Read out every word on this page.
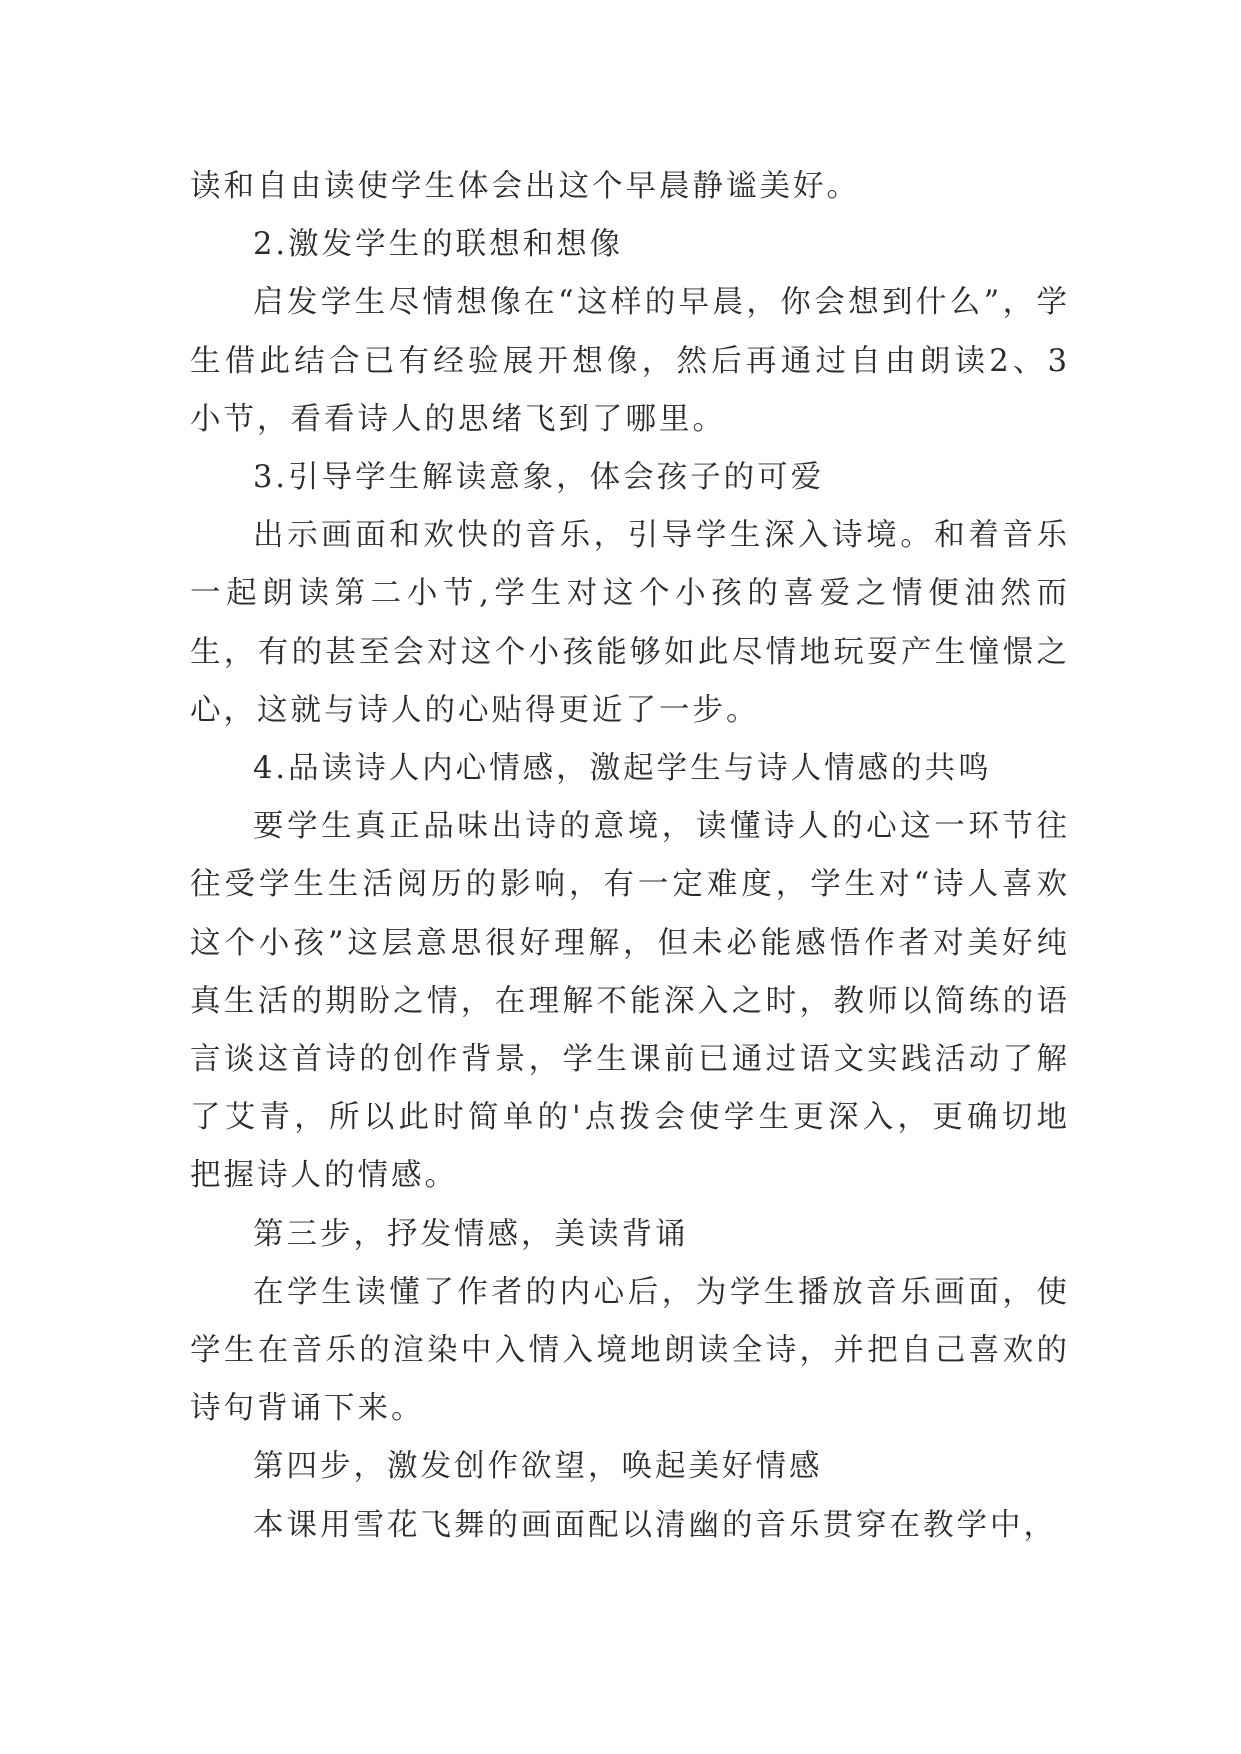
读和自由读使学生体会出这个早晨静谧美好。

2.激发学生的联想和想像

启发学生尽情想像在“这样的早晨，你会想到什么”，学生借此结合已有经验展开想像，然后再通过自由朗读2、3小节，看看诗人的思绪飞到了哪里。

3.引导学生解读意象，体会孩子的可爱

出示画面和欢快的音乐，引导学生深入诗境。和着音乐一起朗读第二小节,学生对这个小孩的喜爱之情便油然而生，有的甚至会对这个小孩能够如此尽情地玩耍产生憧憬之心，这就与诗人的心贴得更近了一步。

4.品读诗人内心情感，激起学生与诗人情感的共鸣

要学生真正品味出诗的意境，读懂诗人的心这一环节往往受学生生活阅历的影响，有一定难度，学生对“诗人喜欢这个小孩”这层意思很好理解，但未必能感悟作者对美好纯真生活的期盼之情，在理解不能深入之时，教师以简练的语言谈这首诗的创作背景，学生课前已通过语文实践活动了解了艾青，所以此时简单的'点拨会使学生更深入，更确切地把握诗人的情感。

第三步，抒发情感，美读背诵

在学生读懂了作者的内心后，为学生播放音乐画面，使学生在音乐的渲染中入情入境地朗读全诗，并把自己喜欢的诗句背诵下来。

第四步，激发创作欲望，唤起美好情感

本课用雪花飞舞的画面配以清幽的音乐贯穿在教学中，
